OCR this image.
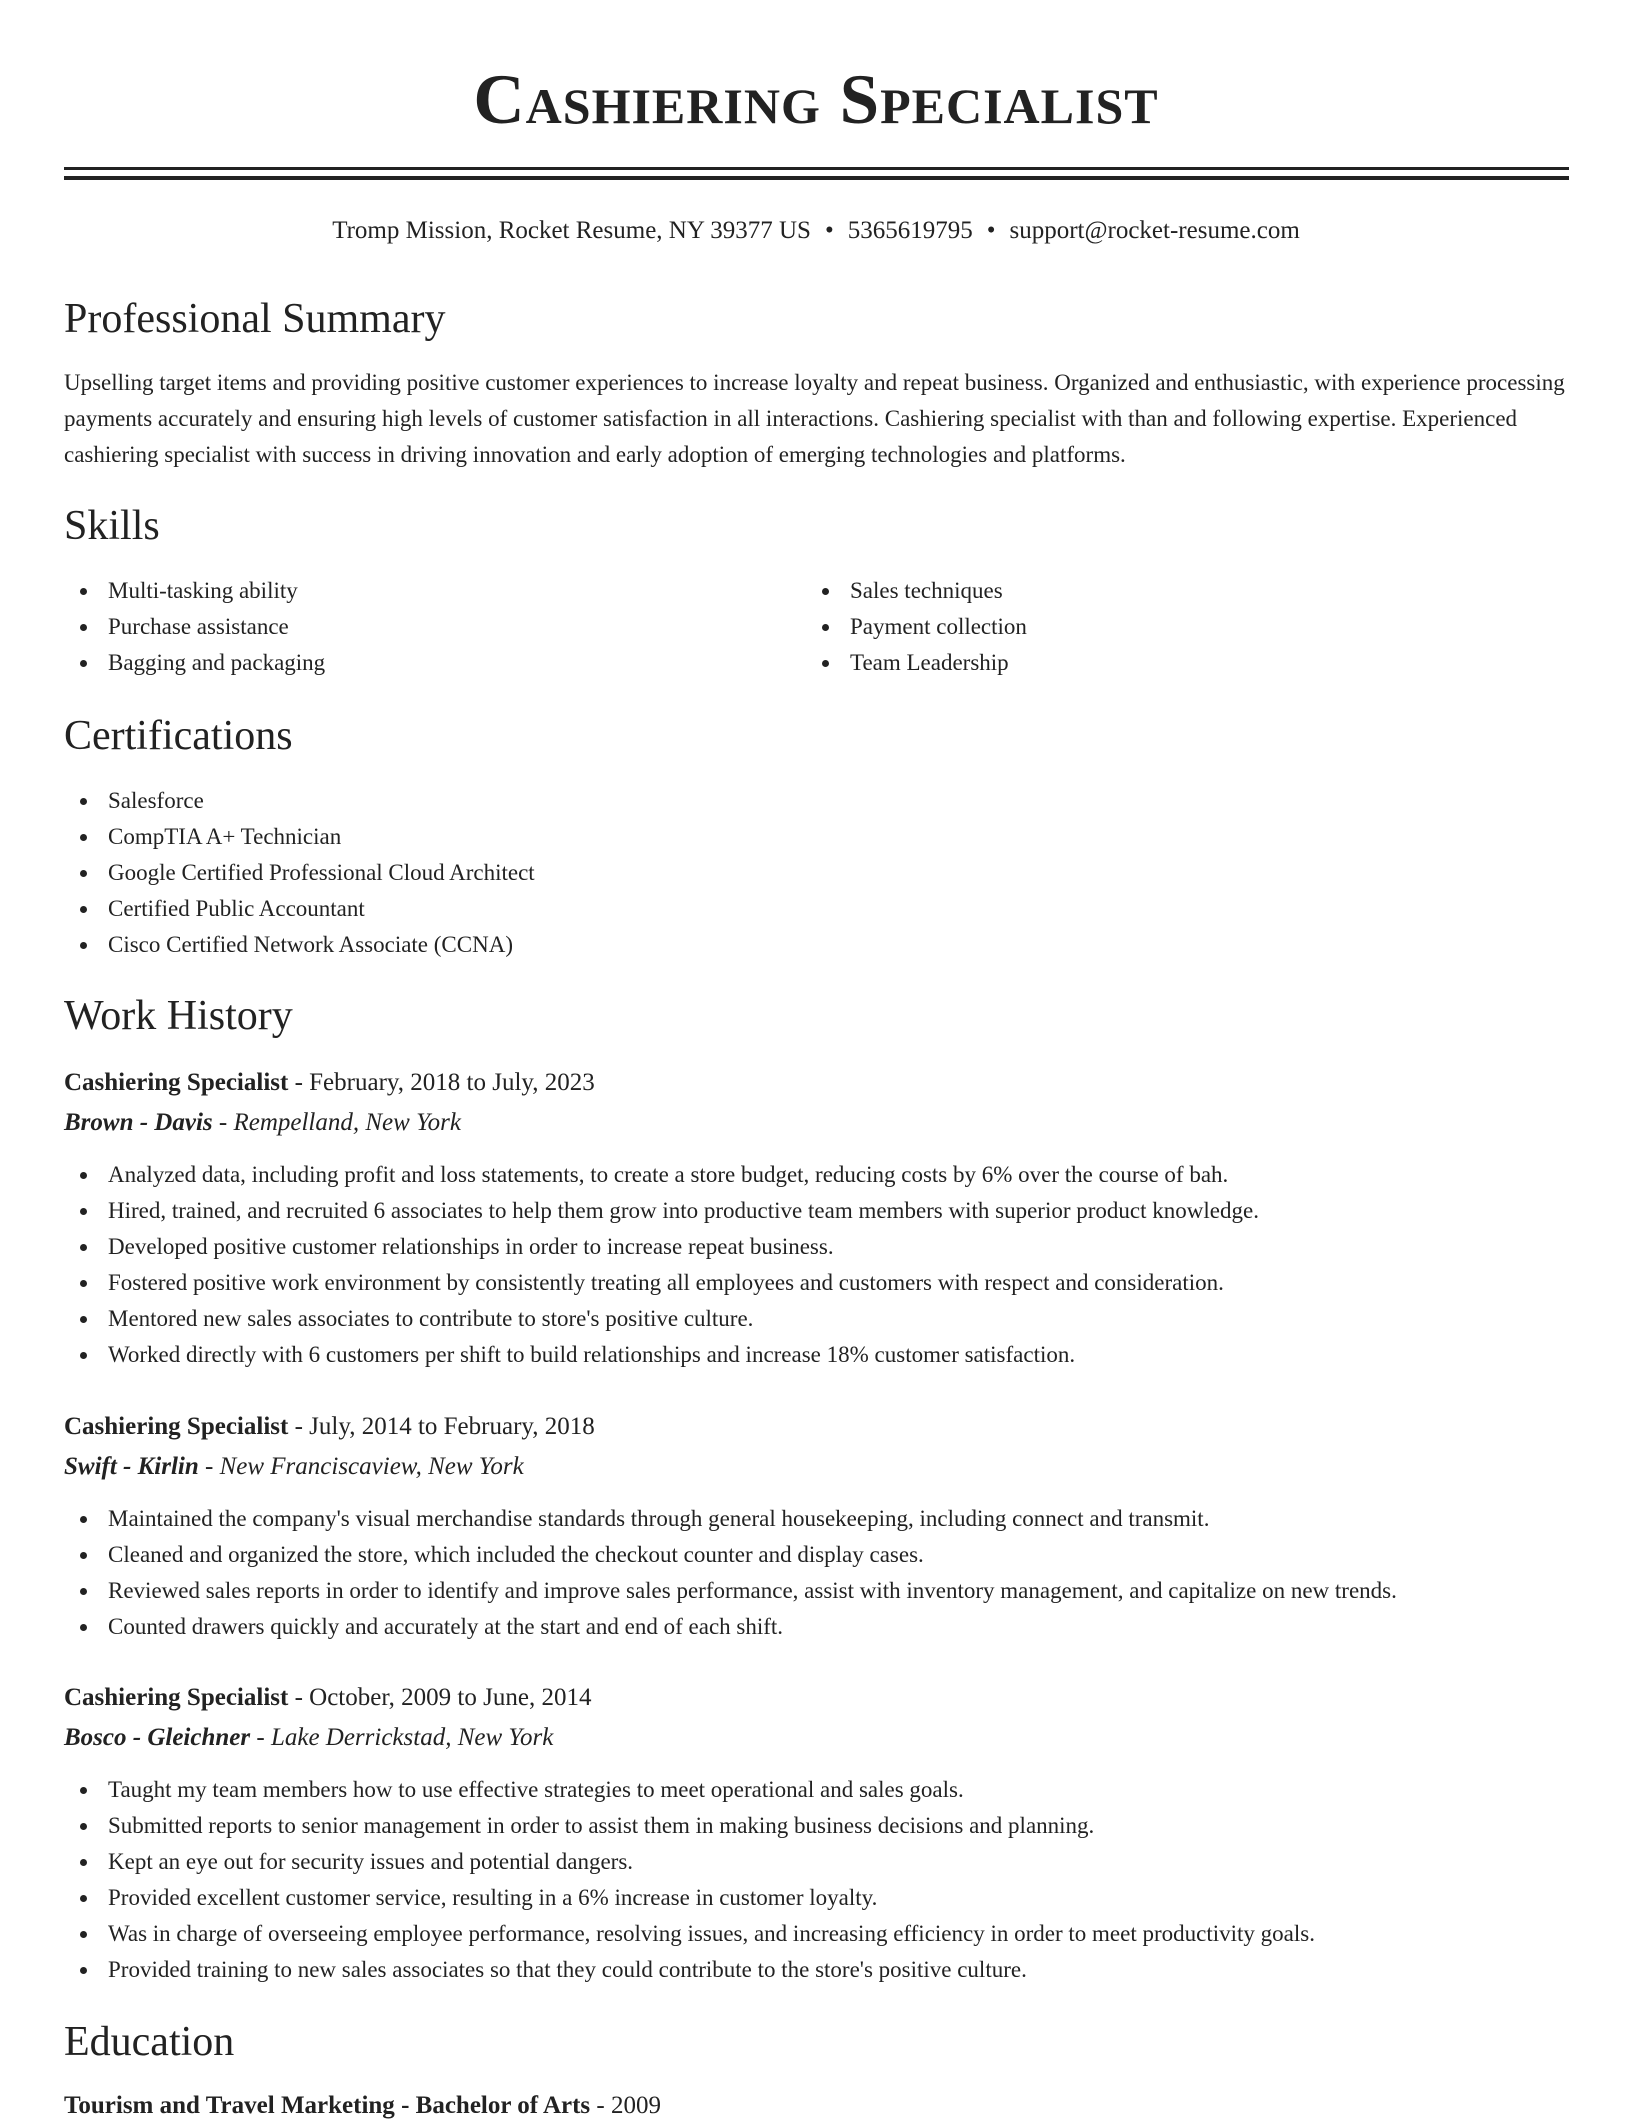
Cashiering Specialist
Tromp Mission, Rocket Resume, NY 39377 US • 5365619795 • support@rocket-resume.com
Professional Summary

Upselling target items and providing positive customer experiences to increase loyalty and repeat business. Organized and enthusiastic, with experience processing payments accurately and ensuring high levels of customer satisfaction in all interactions. Cashiering specialist with than and following expertise. Experienced cashiering specialist with success in driving innovation and early adoption of emerging technologies and platforms.

Skills
Multi-tasking ability
Purchase assistance
Bagging and packaging
Sales techniques
Payment collection
Team Leadership
Certifications
Salesforce
CompTIA A+ Technician
Google Certified Professional Cloud Architect
Certified Public Accountant
Cisco Certified Network Associate (CCNA)
Work History
Cashiering Specialist - February, 2018 to July, 2023
Brown - Davis - Rempelland, New York
Analyzed data, including profit and loss statements, to create a store budget, reducing costs by 6% over the course of bah.
Hired, trained, and recruited 6 associates to help them grow into productive team members with superior product knowledge.
Developed positive customer relationships in order to increase repeat business.
Fostered positive work environment by consistently treating all employees and customers with respect and consideration.
Mentored new sales associates to contribute to store's positive culture.
Worked directly with 6 customers per shift to build relationships and increase 18% customer satisfaction.
Cashiering Specialist - July, 2014 to February, 2018
Swift - Kirlin - New Franciscaview, New York
Maintained the company's visual merchandise standards through general housekeeping, including connect and transmit.
Cleaned and organized the store, which included the checkout counter and display cases.
Reviewed sales reports in order to identify and improve sales performance, assist with inventory management, and capitalize on new trends.
Counted drawers quickly and accurately at the start and end of each shift.
Cashiering Specialist - October, 2009 to June, 2014
Bosco - Gleichner - Lake Derrickstad, New York
Taught my team members how to use effective strategies to meet operational and sales goals.
Submitted reports to senior management in order to assist them in making business decisions and planning.
Kept an eye out for security issues and potential dangers.
Provided excellent customer service, resulting in a 6% increase in customer loyalty.
Was in charge of overseeing employee performance, resolving issues, and increasing efficiency in order to meet productivity goals.
Provided training to new sales associates so that they could contribute to the store's positive culture.
Education
Tourism and Travel Marketing - Bachelor of Arts - 2009
